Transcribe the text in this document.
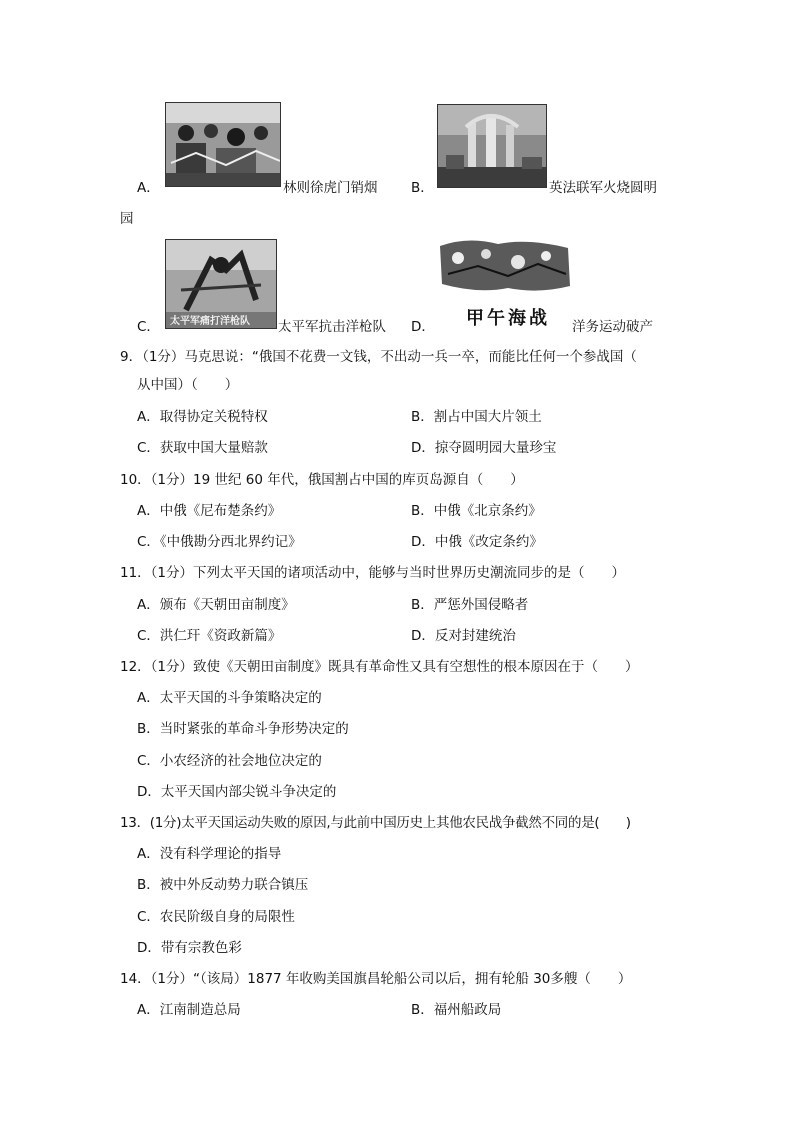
A．	林则徐虎门销烟 B．	英法联军火烧圆明
园
太平军痛打洋枪队
C．	太平军抗击洋枪队	甲午海战
D．	洋务运动破产
9．（1分）马克思说：“俄国不花费一文钱，不出动一兵一卒，而能比任何一个参战国（
从中国）（　　）
A．取得协定关税特权	B．割占中国大片领土
C．获取中国大量赔款	D．掠夺圆明园大量珍宝
10．（1分）19 世纪 60 年代，俄国割占中国的库页岛源自（　　）
A．中俄《尼布楚条约》	B．中俄《北京条约》
C．《中俄勘分西北界约记》	D．中俄《改定条约》
11．（1分）下列太平天国的诸项活动中，能够与当时世界历史潮流同步的是（　　）
A．颁布《天朝田亩制度》	B．严惩外国侵略者
C．洪仁玕《资政新篇》	D．反对封建统治
12．（1分）致使《天朝田亩制度》既具有革命性又具有空想性的根本原因在于（　　）
A．太平天国的斗争策略决定的
B．当时紧张的革命斗争形势决定的
C．小农经济的社会地位决定的
D．太平天国内部尖锐斗争决定的
13．(1分)太平天国运动失败的原因,与此前中国历史上其他农民战争截然不同的是(　　)
A．没有科学理论的指导
B．被中外反动势力联合镇压
C．农民阶级自身的局限性
D．带有宗教色彩
14．（1分）“（该局）1877 年收购美国旗昌轮船公司以后，拥有轮船 30多艘（　　）
A．江南制造总局	B．福州船政局
